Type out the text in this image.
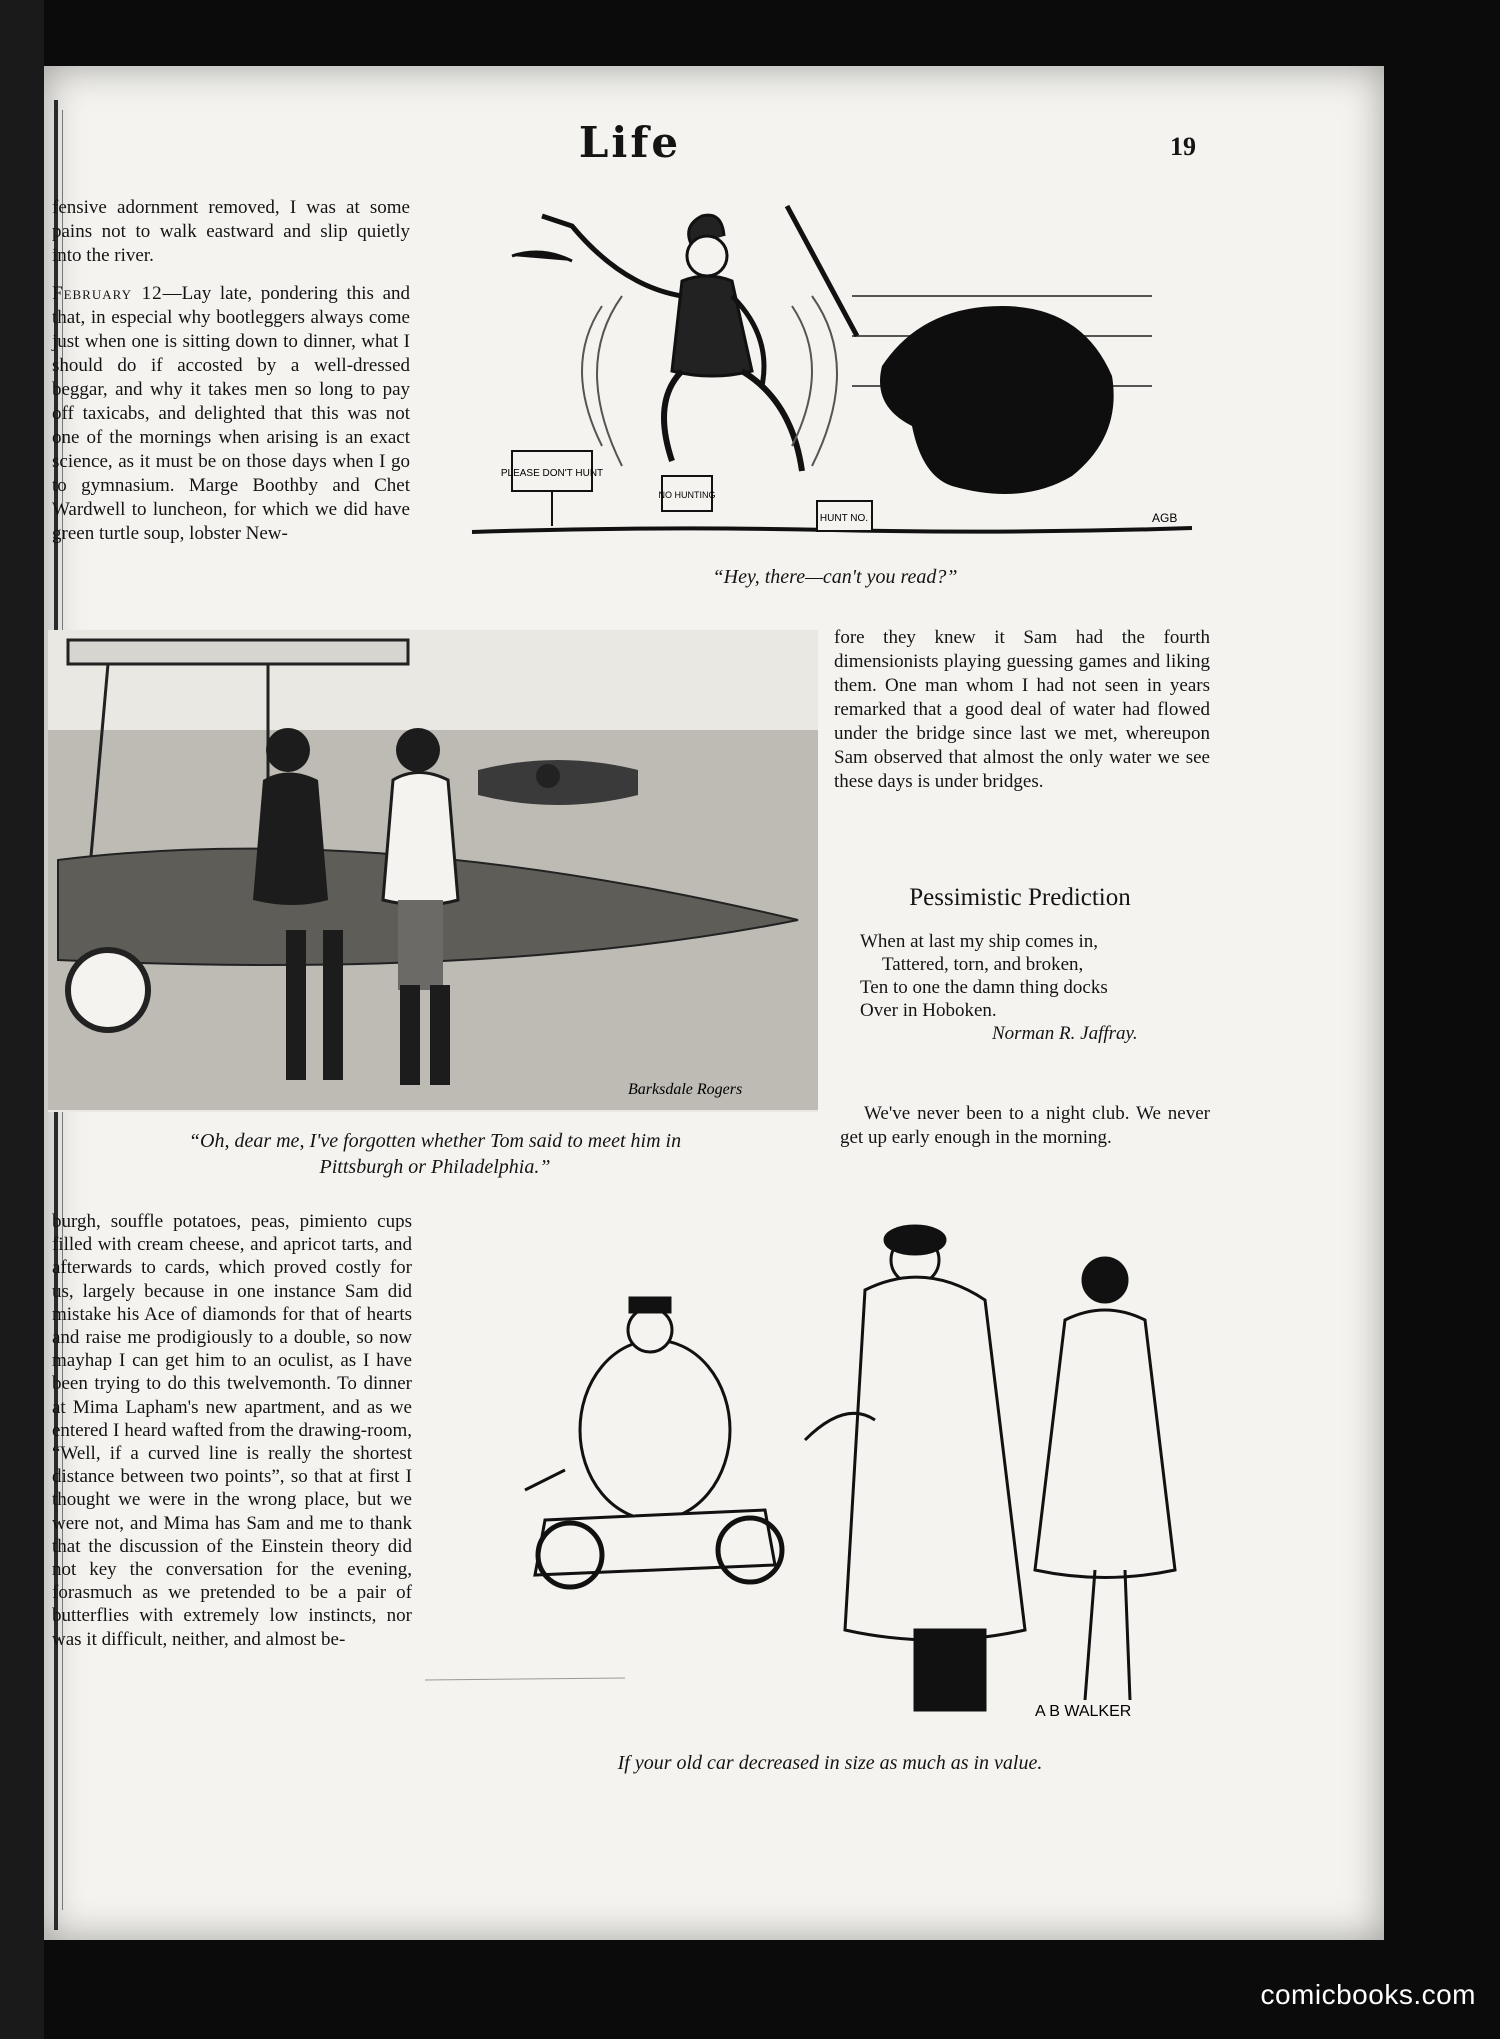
Life	19

fensive adornment removed, I was at some pains not to walk eastward and slip quietly into the river.

February 12—Lay late, pondering this and that, in especial why bootleggers always come just when one is sitting down to dinner, what I should do if accosted by a well-dressed beggar, and why it takes men so long to pay off taxicabs, and delighted that this was not one of the mornings when arising is an exact science, as it must be on those days when I go to gymnasium. Marge Boothby and Chet Wardwell to luncheon, for which we did have green turtle soup, lobster New-

PLEASE DON'T HUNT
NO HUNTING
HUNT NO.	AGB
“Hey, there—can't you read?”
Barksdale Rogers
“Oh, dear me, I've forgotten whether Tom said to meet him in
Pittsburgh or Philadelphia.”

fore they knew it Sam had the fourth dimensionists playing guessing games and liking them. One man whom I had not seen in years remarked that a good deal of water had flowed under the bridge since last we met, whereupon Sam observed that almost the only water we see these days is under bridges.

Pessimistic Prediction
When at last my ship comes in,
Tattered, torn, and broken,
Ten to one the damn thing docks
Over in Hoboken.
Norman R. Jaffray.

We've never been to a night club. We never get up early enough in the morning.

burgh, souffle potatoes, peas, pimiento cups filled with cream cheese, and apricot tarts, and afterwards to cards, which proved costly for us, largely because in one instance Sam did mistake his Ace of diamonds for that of hearts and raise me prodigiously to a double, so now mayhap I can get him to an oculist, as I have been trying to do this twelvemonth. To dinner at Mima Lapham's new apartment, and as we entered I heard wafted from the drawing-room, “Well, if a curved line is really the shortest distance between two points”, so that at first I thought we were in the wrong place, but we were not, and Mima has Sam and me to thank that the discussion of the Einstein theory did not key the conversation for the evening, forasmuch as we pretended to be a pair of butterflies with extremely low instincts, nor was it difficult, neither, and almost be-

A B WALKER
If your old car decreased in size as much as in value.
comicbooks.com
